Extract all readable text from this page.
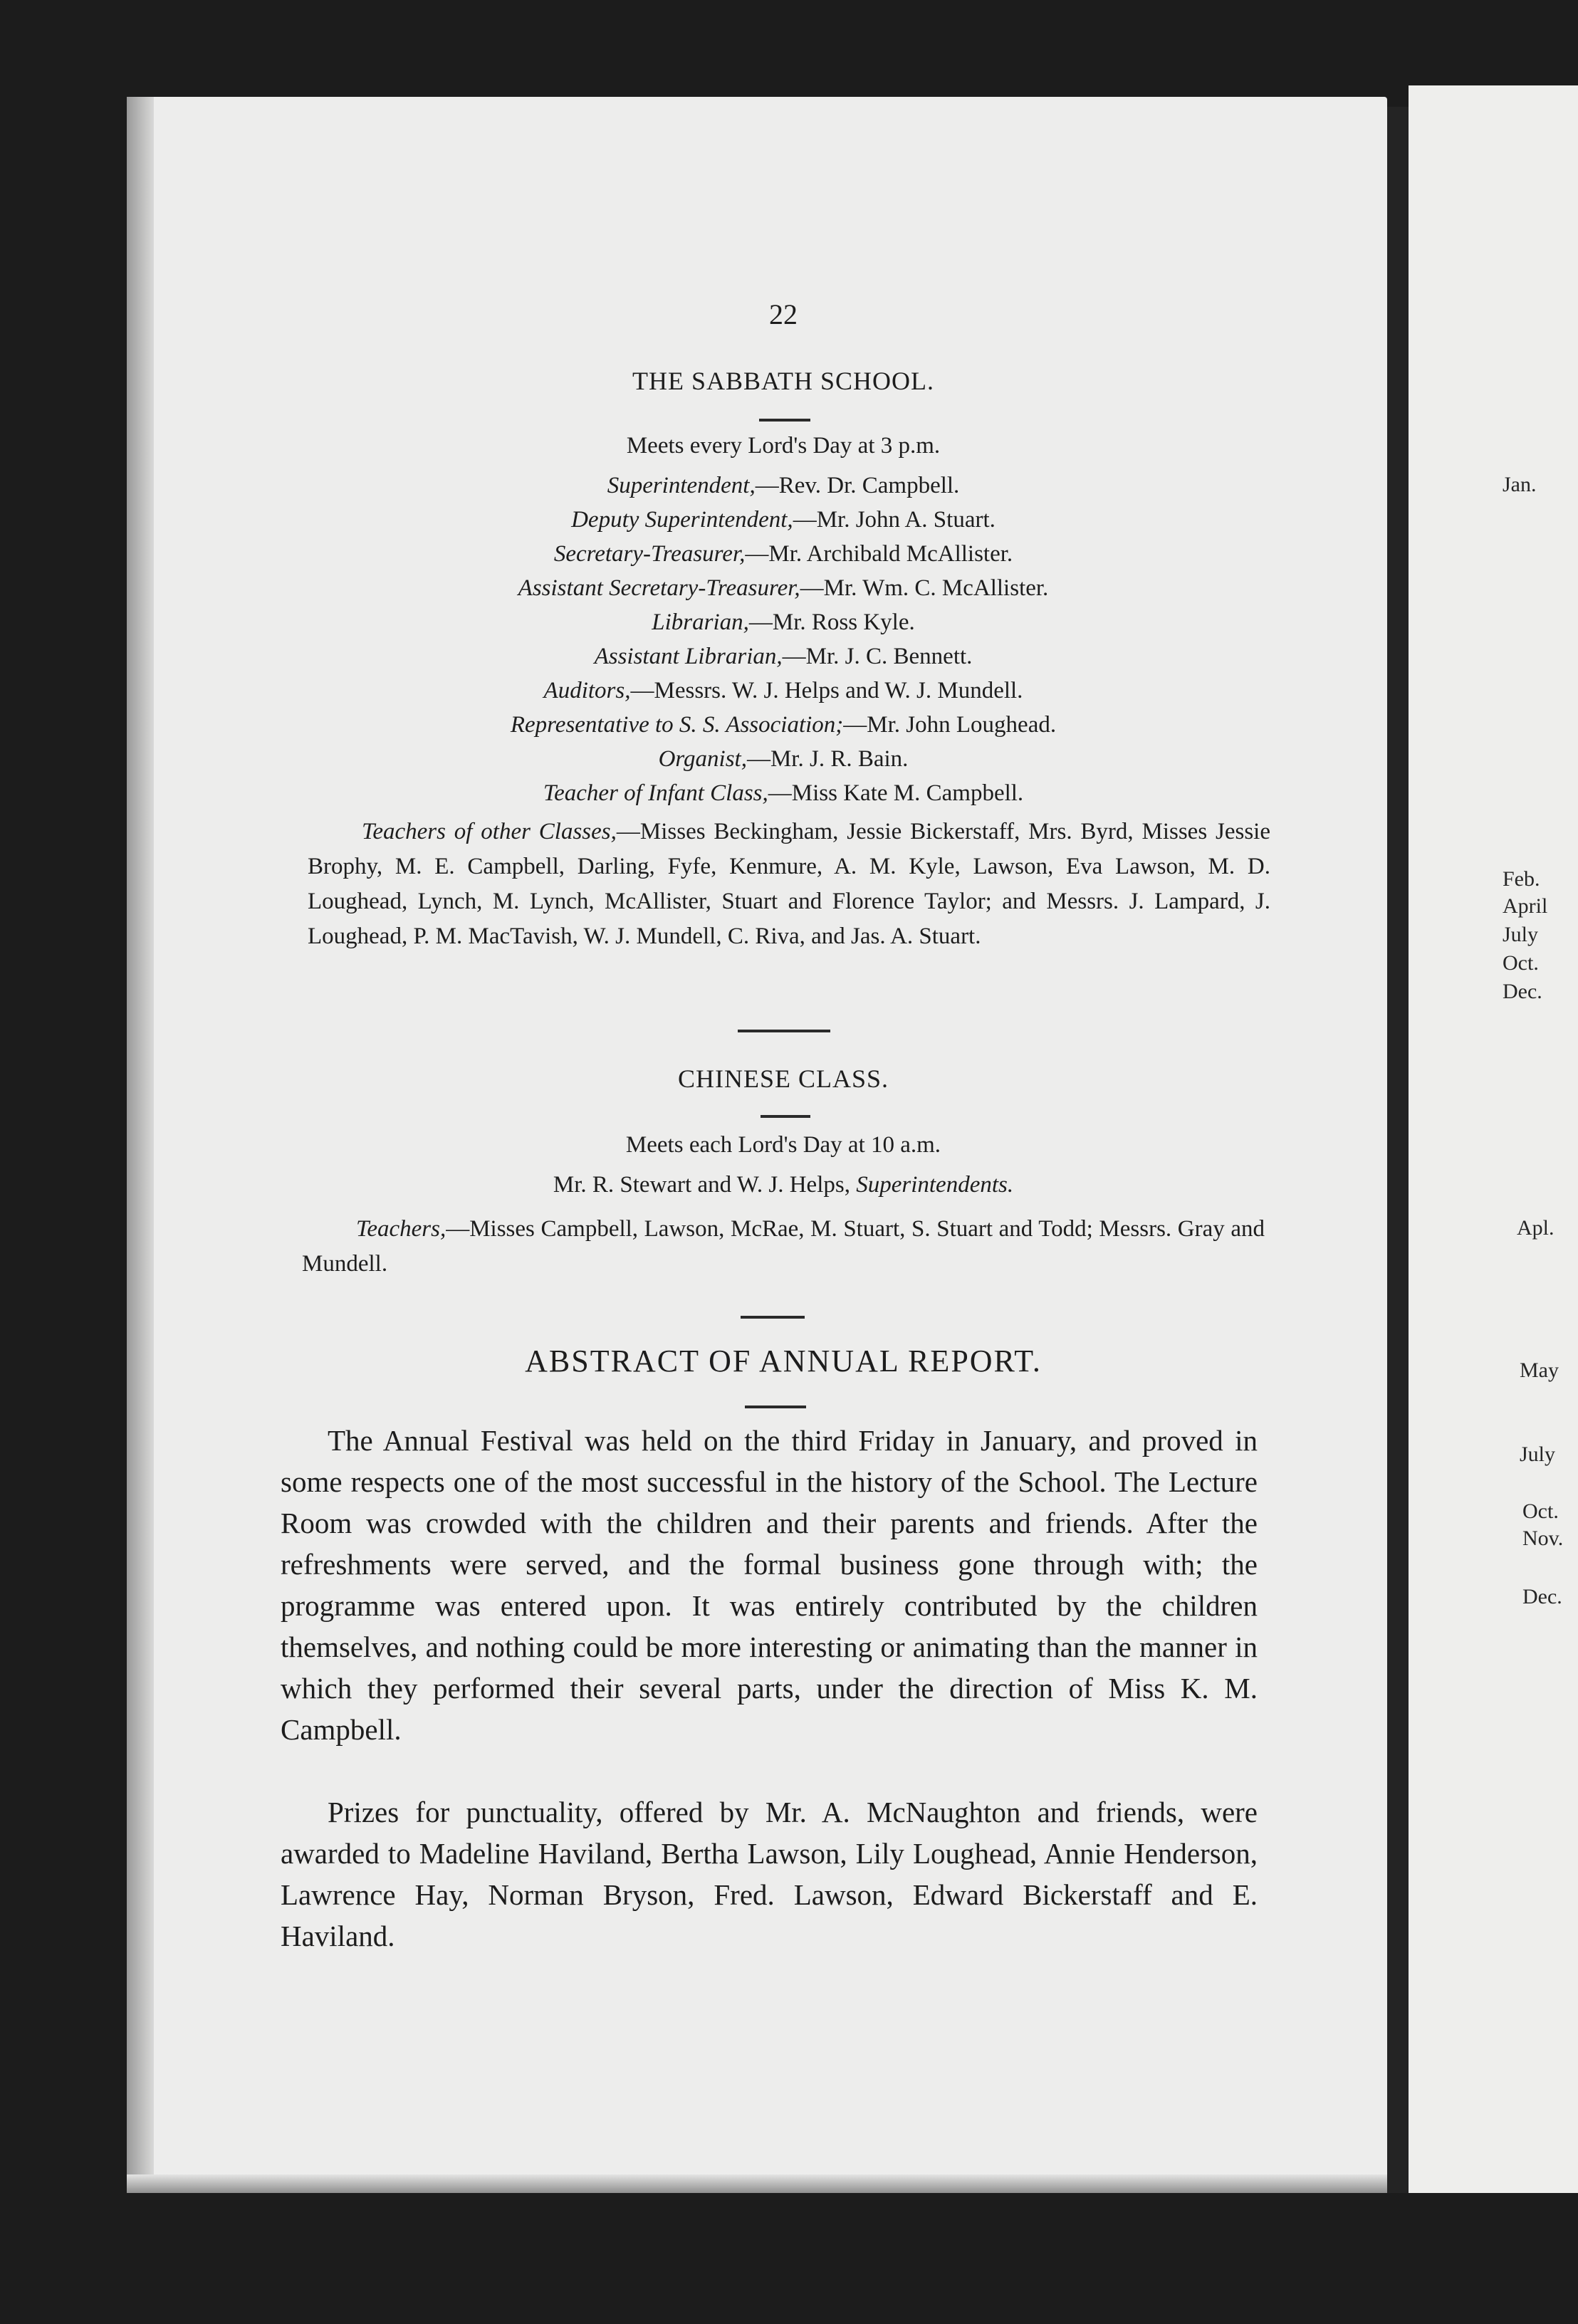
Jan.
Feb.
April
July
Oct.
Dec.
Apl.
May
July
Oct.
Nov.
Dec.
22
THE SABBATH SCHOOL.
Meets every Lord's Day at 3 p.m.
Superintendent,—Rev. Dr. Campbell.
Deputy Superintendent,—Mr. John A. Stuart.
Secretary-Treasurer,—Mr. Archibald McAllister.
Assistant Secretary-Treasurer,—Mr. Wm. C. McAllister.
Librarian,—Mr. Ross Kyle.
Assistant Librarian,—Mr. J. C. Bennett.
Auditors,—Messrs. W. J. Helps and W. J. Mundell.
Representative to S. S. Association;—Mr. John Loughead.
Organist,—Mr. J. R. Bain.
Teacher of Infant Class,—Miss Kate M. Campbell.
Teachers of other Classes,—Misses Beckingham, Jessie Bickerstaff, Mrs. Byrd, Misses Jessie Brophy, M. E. Campbell, Darling, Fyfe, Kenmure, A. M. Kyle, Lawson, Eva Lawson, M. D. Loughead, Lynch, M. Lynch, McAllister, Stuart and Florence Taylor; and Messrs. J. Lampard, J. Loughead, P. M. MacTavish, W. J. Mundell, C. Riva, and Jas. A. Stuart.
CHINESE CLASS.
Meets each Lord's Day at 10 a.m.
Mr. R. Stewart and W. J. Helps, Superintendents.
Teachers,—Misses Campbell, Lawson, McRae, M. Stuart, S. Stuart and Todd; Messrs. Gray and Mundell.
ABSTRACT OF ANNUAL REPORT.
The Annual Festival was held on the third Friday in January, and proved in some respects one of the most successful in the history of the School. The Lecture Room was crowded with the children and their parents and friends. After the refreshments were served, and the formal business gone through with; the programme was entered upon. It was entirely contributed by the children themselves, and nothing could be more interesting or animating than the manner in which they performed their several parts, under the direction of Miss K. M. Campbell.
Prizes for punctuality, offered by Mr. A. McNaughton and friends, were awarded to Madeline Haviland, Bertha Lawson, Lily Loughead, Annie Henderson, Lawrence Hay, Norman Bryson, Fred. Lawson, Edward Bickerstaff and E. Haviland.
